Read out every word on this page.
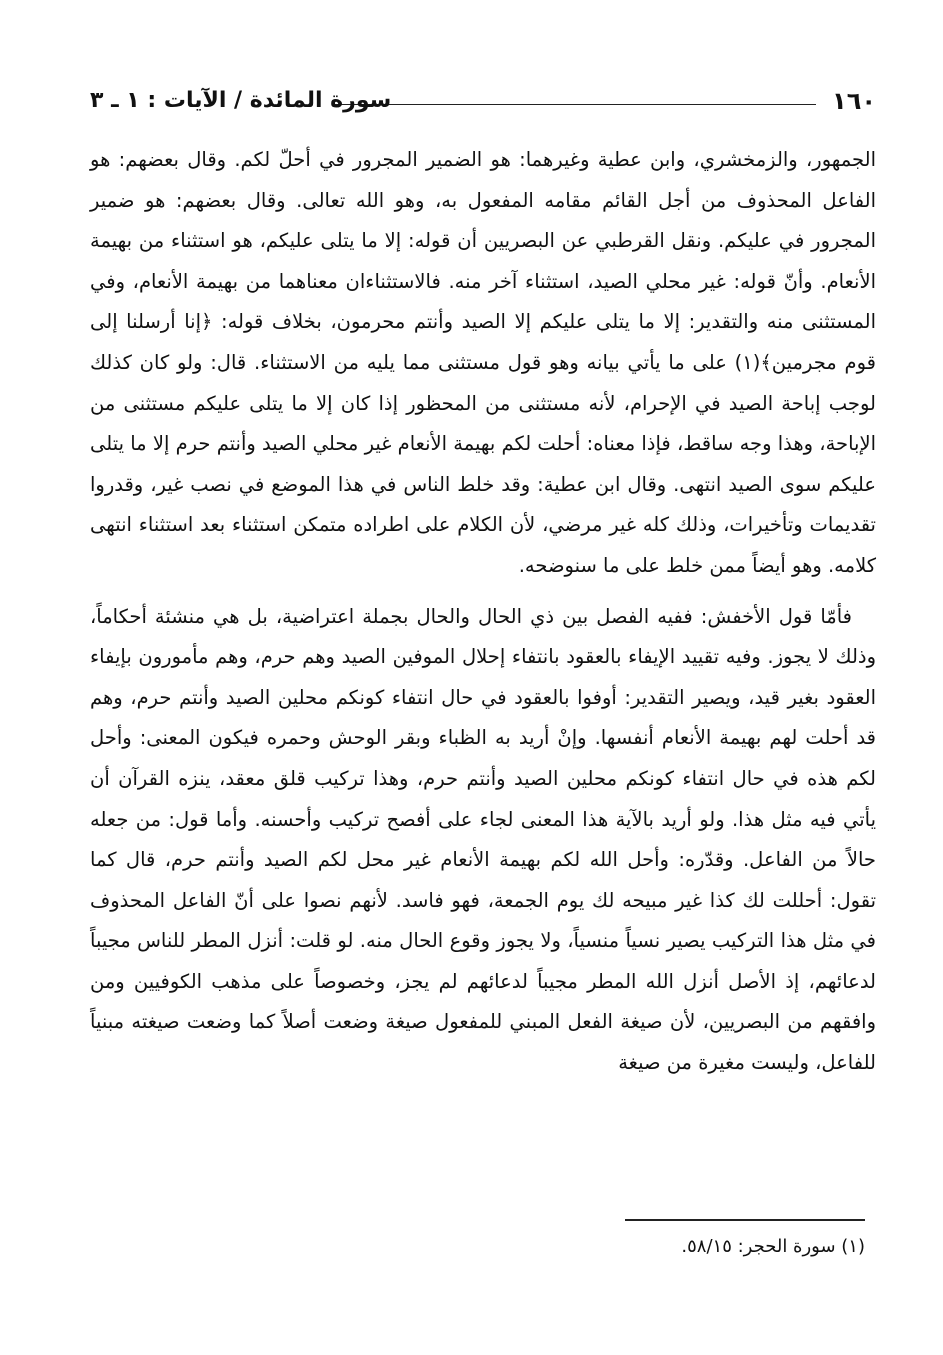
١٦٠
سورة المائدة / الآيات : ١ ـ ٣

الجمهور، والزمخشري، وابن عطية وغيرهما: هو الضمير المجرور في أحلّ لكم. وقال بعضهم: هو الفاعل المحذوف من أجل القائم مقامه المفعول به، وهو الله تعالى. وقال بعضهم: هو ضمير المجرور في عليكم. ونقل القرطبي عن البصريين أن قوله: إلا ما يتلى عليكم، هو استثناء من بهيمة الأنعام. وأنّ قوله: غير محلي الصيد، استثناء آخر منه. فالاستثناءان معناهما من بهيمة الأنعام، وفي المستثنى منه والتقدير: إلا ما يتلى عليكم إلا الصيد وأنتم محرمون، بخلاف قوله: ﴿إنا أرسلنا إلى قوم مجرمين﴾(١) على ما يأتي بيانه وهو قول مستثنى مما يليه من الاستثناء. قال: ولو كان كذلك لوجب إباحة الصيد في الإحرام، لأنه مستثنى من المحظور إذا كان إلا ما يتلى عليكم مستثنى من الإباحة، وهذا وجه ساقط، فإذا معناه: أحلت لكم بهيمة الأنعام غير محلي الصيد وأنتم حرم إلا ما يتلى عليكم سوى الصيد انتهى. وقال ابن عطية: وقد خلط الناس في هذا الموضع في نصب غير، وقدروا تقديمات وتأخيرات، وذلك كله غير مرضي، لأن الكلام على اطراده متمكن استثناء بعد استثناء انتهى كلامه. وهو أيضاً ممن خلط على ما سنوضحه.

فأمّا قول الأخفش: ففيه الفصل بين ذي الحال والحال بجملة اعتراضية، بل هي منشئة أحكاماً، وذلك لا يجوز. وفيه تقييد الإيفاء بالعقود بانتفاء إحلال الموفين الصيد وهم حرم، وهم مأمورون بإيفاء العقود بغير قيد، ويصير التقدير: أوفوا بالعقود في حال انتفاء كونكم محلين الصيد وأنتم حرم، وهم قد أحلت لهم بهيمة الأنعام أنفسها. وإنْ أريد به الظباء وبقر الوحش وحمره فيكون المعنى: وأحل لكم هذه في حال انتفاء كونكم محلين الصيد وأنتم حرم، وهذا تركيب قلق معقد، ينزه القرآن أن يأتي فيه مثل هذا. ولو أريد بالآية هذا المعنى لجاء على أفصح تركيب وأحسنه. وأما قول: من جعله حالاً من الفاعل. وقدّره: وأحل الله لكم بهيمة الأنعام غير محل لكم الصيد وأنتم حرم، قال كما تقول: أحللت لك كذا غير مبيحه لك يوم الجمعة، فهو فاسد. لأنهم نصوا على أنّ الفاعل المحذوف في مثل هذا التركيب يصير نسياً منسياً، ولا يجوز وقوع الحال منه. لو قلت: أنزل المطر للناس مجيباً لدعائهم، إذ الأصل أنزل الله المطر مجيباً لدعائهم لم يجز، وخصوصاً على مذهب الكوفيين ومن وافقهم من البصريين، لأن صيغة الفعل المبني للمفعول صيغة وضعت أصلاً كما وضعت صيغته مبنياً للفاعل، وليست مغيرة من صيغة

(١) سورة الحجر: ٥٨/١٥.
